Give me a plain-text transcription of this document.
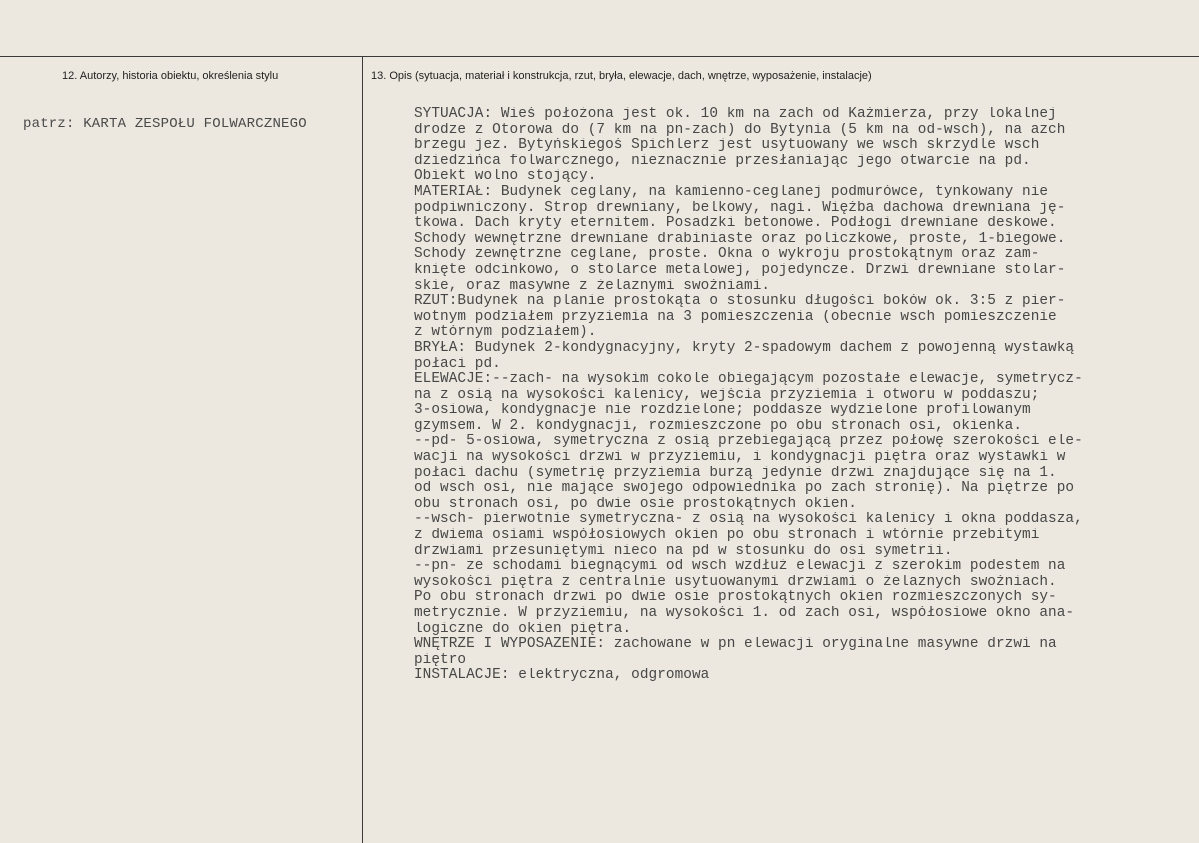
12. Autorzy, historia obiektu, określenia stylu	13. Opis (sytuacja, materiał i konstrukcja, rzut, bryła, elewacje, dach, wnętrze, wyposażenie, instalacje)
patrz: KARTA ZESPOŁU FOLWARCZNEGO
SYTUACJA: Wieś położona jest ok. 10 km na zach od Kaźmierza, przy lokalnej
drodze z Otorowa do (7 km na pn-zach) do Bytynia (5 km na od-wsch), na azch
brzegu jez. Bytyńskiegoś Spichlerz jest usytuowany we wsch skrzydle wsch
dziedzińca folwarcznego, nieznacznie przesłaniając jego otwarcie na pd.
Obiekt wolno stojący.
MATERIAŁ: Budynek ceglany, na kamienno-ceglanej podmurówce, tynkowany nie
podpiwniczony. Strop drewniany, belkowy, nagi. Więźba dachowa drewniana ję-
tkowa. Dach kryty eternitem. Posadzki betonowe. Podłogi drewniane deskowe.
Schody wewnętrzne drewniane drabiniaste oraz policzkowe, proste, 1-biegowe.
Schody zewnętrzne ceglane, proste. Okna o wykroju prostokątnym oraz zam-
knięte odcinkowo, o stolarce metalowej, pojedyncze. Drzwi drewniane stolar-
skie, oraz masywne z żelaznymi swoźniami.
RZUT:Budynek na planie prostokąta o stosunku długości boków ok. 3:5 z pier-
wotnym podziałem przyziemia na 3 pomieszczenia (obecnie wsch pomieszczenie
z wtórnym podziałem).
BRYŁA: Budynek 2-kondygnacyjny, kryty 2-spadowym dachem z powojenną wystawką
połaci pd.
ELEWACJE:--zach- na wysokim cokole obiegającym pozostałe elewacje, symetrycz-
na z osią na wysokości kalenicy, wejścia przyziemia i otworu w poddaszu;
3-osiowa, kondygnacje nie rozdzielone; poddasze wydzielone profilowanym
gzymsem. W 2. kondygnacji, rozmieszczone po obu stronach osi, okienka.
--pd- 5-osiowa, symetryczna z osią przebiegającą przez połowę szerokości ele-
wacji na wysokości drzwi w przyziemiu, i kondygnacji piętra oraz wystawki w
połaci dachu (symetrię przyziemia burzą jedynie drzwi znajdujące się na 1.
od wsch osi, nie mające swojego odpowiednika po zach stronię). Na piętrze po
obu stronach osi, po dwie osie prostokątnych okien.
--wsch- pierwotnie symetryczna- z osią na wysokości kalenicy i okna poddasza,
z dwiema osiami współosiowych okien po obu stronach i wtórnie przebitymi
drzwiami przesuniętymi nieco na pd w stosunku do osi symetrii.
--pn- ze schodami biegnącymi od wsch wzdłuż elewacji z szerokim podestem na
wysokości piętra z centralnie usytuowanymi drzwiami o żelaznych swoźniach.
Po obu stronach drzwi po dwie osie prostokątnych okien rozmieszczonych sy-
metrycznie. W przyziemiu, na wysokości 1. od zach osi, współosiowe okno ana-
logiczne do okien piętra.
WNĘTRZE I WYPOSAŻENIE: zachowane w pn elewacji oryginalne masywne drzwi na
piętro
INSTALACJE: elektryczna, odgromowa
